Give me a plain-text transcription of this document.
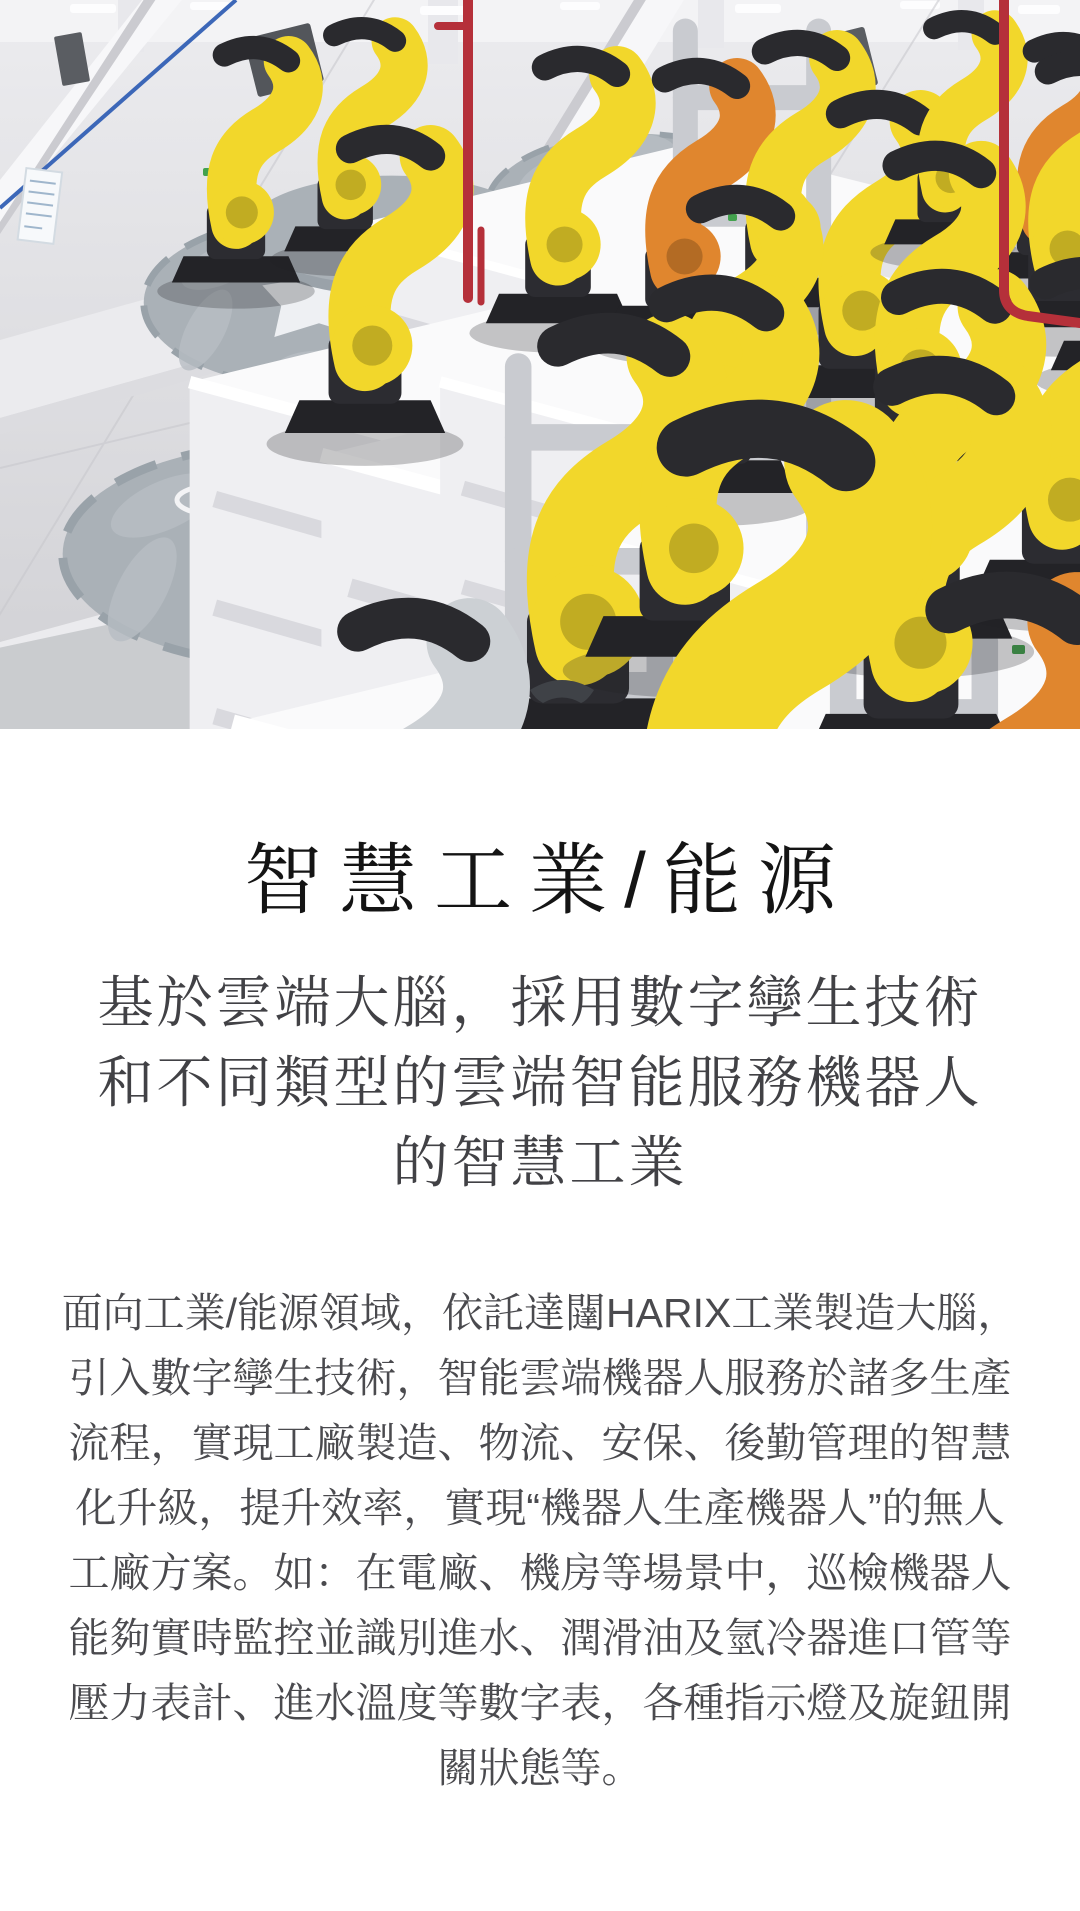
智慧工業/能源
基於雲端大腦，採用數字孿生技術
和不同類型的雲端智能服務機器人
的智慧工業

面向工業/能源領域，依託達闥HARIX工業製造大腦，引入數字孿生技術，智能雲端機器人服務於諸多生產流程，實現工廠製造、物流、安保、後勤管理的智慧化升級，提升效率，實現“機器人生產機器人”的無人工廠方案。如：在電廠、機房等場景中，巡檢機器人能夠實時監控並識別進水、潤滑油及氫冷器進口管等壓力表計、進水溫度等數字表，各種指示燈及旋鈕開關狀態等。
